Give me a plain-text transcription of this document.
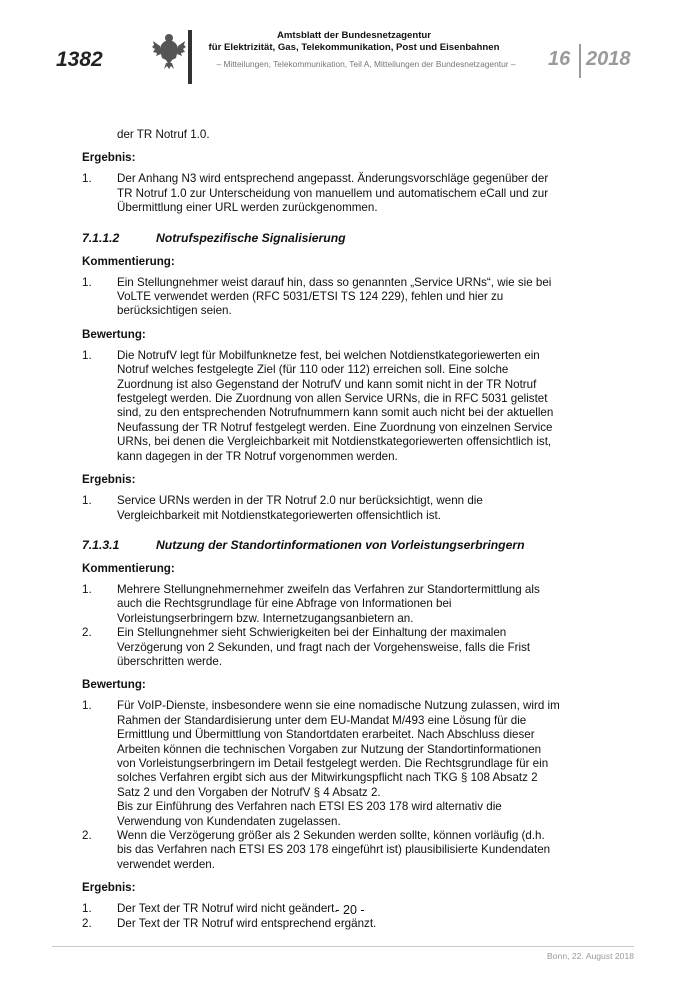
1382
Amtsblatt der Bundesnetzagentur
für Elektrizität, Gas, Telekommunikation, Post und Eisenbahnen
– Mitteilungen, Telekommunikation, Teil A, Mitteilungen der Bundesnetzagentur –	16 2018
der TR Notruf 1.0.
Ergebnis:
1.	Der Anhang N3 wird entsprechend angepasst. Änderungsvorschläge gegenüber der TR Notruf 1.0 zur Unterscheidung von manuellem und automatischem eCall und zur Übermittlung einer URL werden zurückgenommen.
7.1.1.2	Notrufspezifische Signalisierung
Kommentierung:
1.	Ein Stellungnehmer weist darauf hin, dass so genannten „Service URNs“, wie sie bei VoLTE verwendet werden (RFC 5031/ETSI TS 124 229), fehlen und hier zu berücksichtigen seien.
Bewertung:
1.	Die NotrufV legt für Mobilfunknetze fest, bei welchen Notdienstkategoriewerten ein Notruf welches festgelegte Ziel (für 110 oder 112) erreichen soll. Eine solche Zuordnung ist also Gegenstand der NotrufV und kann somit nicht in der TR Notruf festgelegt werden. Die Zuordnung von allen Service URNs, die in RFC 5031 gelistet sind, zu den entsprechenden Notrufnummern kann somit auch nicht bei der aktuellen Neufassung der TR Notruf festgelegt werden. Eine Zuordnung von einzelnen Service URNs, bei denen die Vergleichbarkeit mit Notdienstkategoriewerten offensichtlich ist, kann dagegen in der TR Notruf vorgenommen werden.
Ergebnis:
1.	Service URNs werden in der TR Notruf 2.0 nur berücksichtigt, wenn die Vergleichbarkeit mit Notdienstkategoriewerten offensichtlich ist.
7.1.3.1	Nutzung der Standortinformationen von Vorleistungserbringern
Kommentierung:
1.	Mehrere Stellungnehmernehmer zweifeln das Verfahren zur Standortermittlung als auch die Rechtsgrundlage für eine Abfrage von Informationen bei Vorleistungserbringern bzw. Internetzugangsanbietern an.
2.	Ein Stellungnehmer sieht Schwierigkeiten bei der Einhaltung der maximalen Verzögerung von 2 Sekunden, und fragt nach der Vorgehensweise, falls die Frist überschritten werde.
Bewertung:
1.	Für VoIP-Dienste, insbesondere wenn sie eine nomadische Nutzung zulassen, wird im Rahmen der Standardisierung unter dem EU-Mandat M/493 eine Lösung für die Ermittlung und Übermittlung von Standortdaten erarbeitet. Nach Abschluss dieser Arbeiten können die technischen Vorgaben zur Nutzung der Standortinformationen von Vorleistungserbringern im Detail festgelegt werden. Die Rechtsgrundlage für ein solches Verfahren ergibt sich aus der Mitwirkungspflicht nach TKG § 108 Absatz 2 Satz 2 und den Vorgaben der NotrufV § 4 Absatz 2.
Bis zur Einführung des Verfahren nach ETSI ES 203 178 wird alternativ die Verwendung von Kundendaten zugelassen.
2.	Wenn die Verzögerung größer als 2 Sekunden werden sollte, können vorläufig (d.h. bis das Verfahren nach ETSI ES 203 178 eingeführt ist) plausibilisierte Kundendaten verwendet werden.
Ergebnis:
1.	Der Text der TR Notruf wird nicht geändert.
2.	Der Text der TR Notruf wird entsprechend ergänzt.
- 20 -
Bonn, 22. August 2018
